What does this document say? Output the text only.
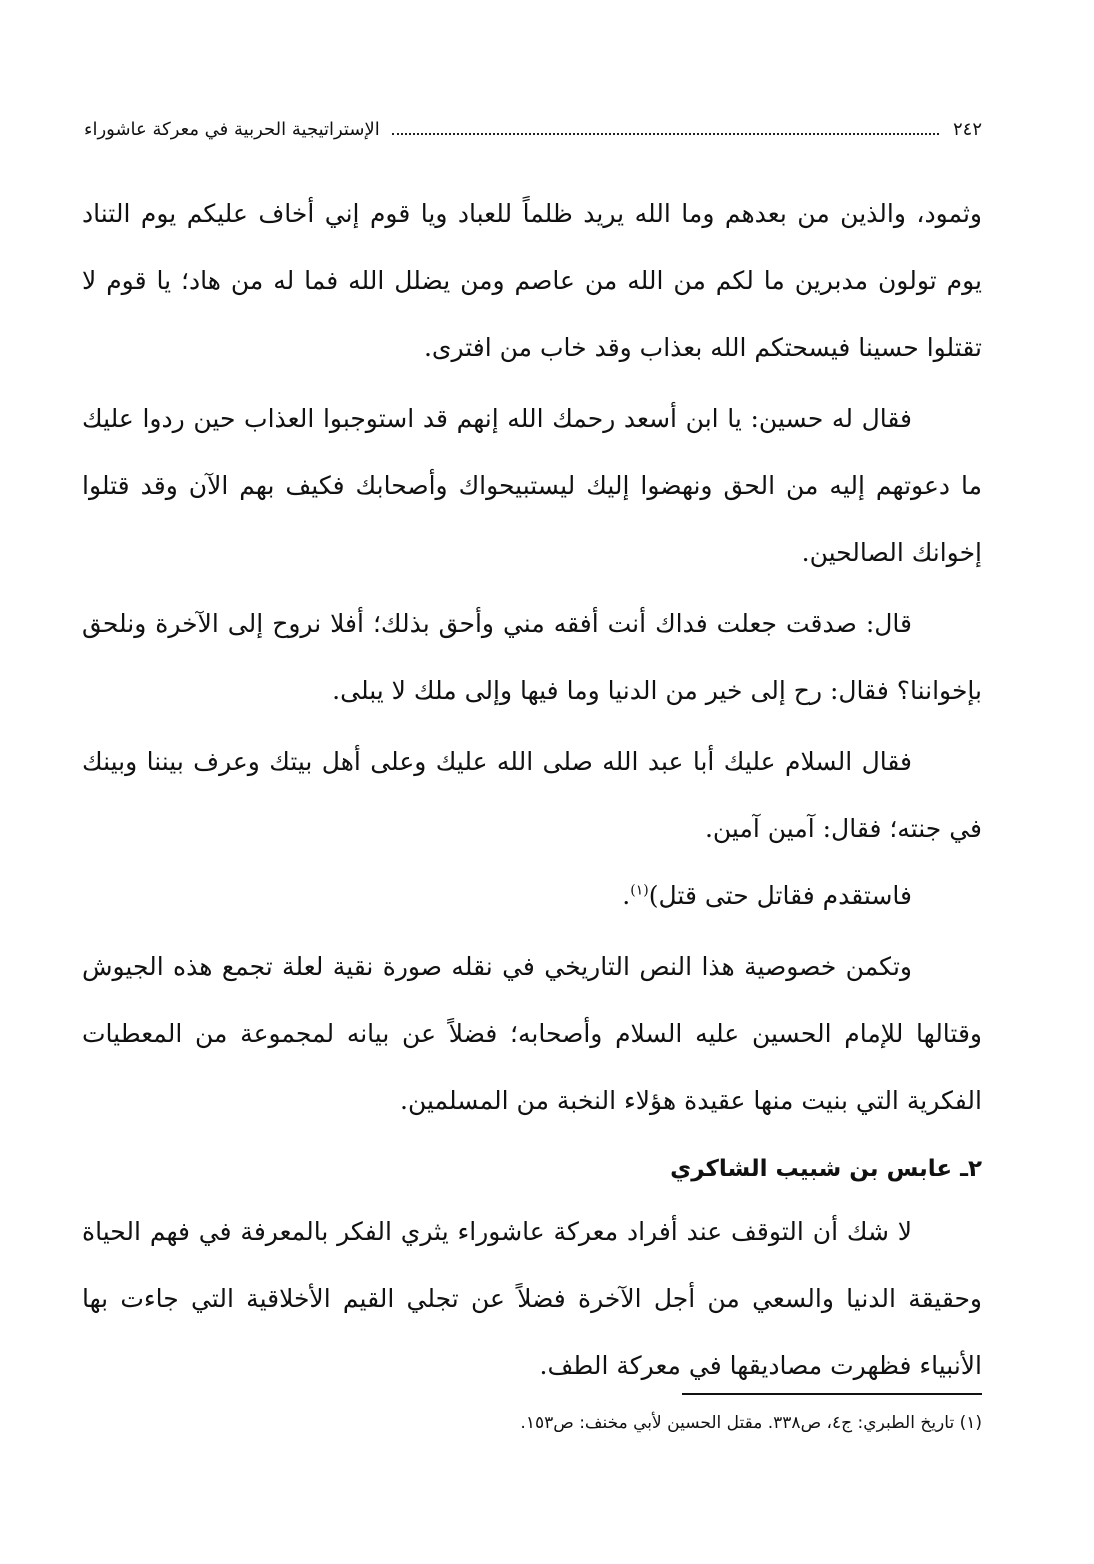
٢٤٢
الإستراتيجية الحربية في معركة عاشوراء

وثمود، والذين من بعدهم وما الله يريد ظلماً للعباد ويا قوم إني أخاف عليكم يوم التناد يوم تولون مدبرين ما لكم من الله من عاصم ومن يضلل الله فما له من هاد؛ يا قوم لا تقتلوا حسينا فيسحتكم الله بعذاب وقد خاب من افترى.

فقال له حسين: يا ابن أسعد رحمك الله إنهم قد استوجبوا العذاب حين ردوا عليك ما دعوتهم إليه من الحق ونهضوا إليك ليستبيحواك وأصحابك فكيف بهم الآن وقد قتلوا إخوانك الصالحين.

قال: صدقت جعلت فداك أنت أفقه مني وأحق بذلك؛ أفلا نروح إلى الآخرة ونلحق بإخواننا؟ فقال: رح إلى خير من الدنيا وما فيها وإلى ملك لا يبلى.

فقال السلام عليك أبا عبد الله صلى الله عليك وعلى أهل بيتك وعرف بيننا وبينك في جنته؛ فقال: آمين آمين.

فاستقدم فقاتل حتى قتل)$^{(١)}$.

وتكمن خصوصية هذا النص التاريخي في نقله صورة نقية لعلة تجمع هذه الجيوش وقتالها للإمام الحسين عليه السلام وأصحابه؛ فضلاً عن بيانه لمجموعة من المعطيات الفكرية التي بنيت منها عقيدة هؤلاء النخبة من المسلمين.

٢ـ عابس بن شبيب الشاكري

لا شك أن التوقف عند أفراد معركة عاشوراء يثري الفكر بالمعرفة في فهم الحياة وحقيقة الدنيا والسعي من أجل الآخرة فضلاً عن تجلي القيم الأخلاقية التي جاءت بها الأنبياء فظهرت مصاديقها في معركة الطف.

(١) تاريخ الطبري: ج٤، ص٣٣٨. مقتل الحسين لأبي مخنف: ص١٥٣.
